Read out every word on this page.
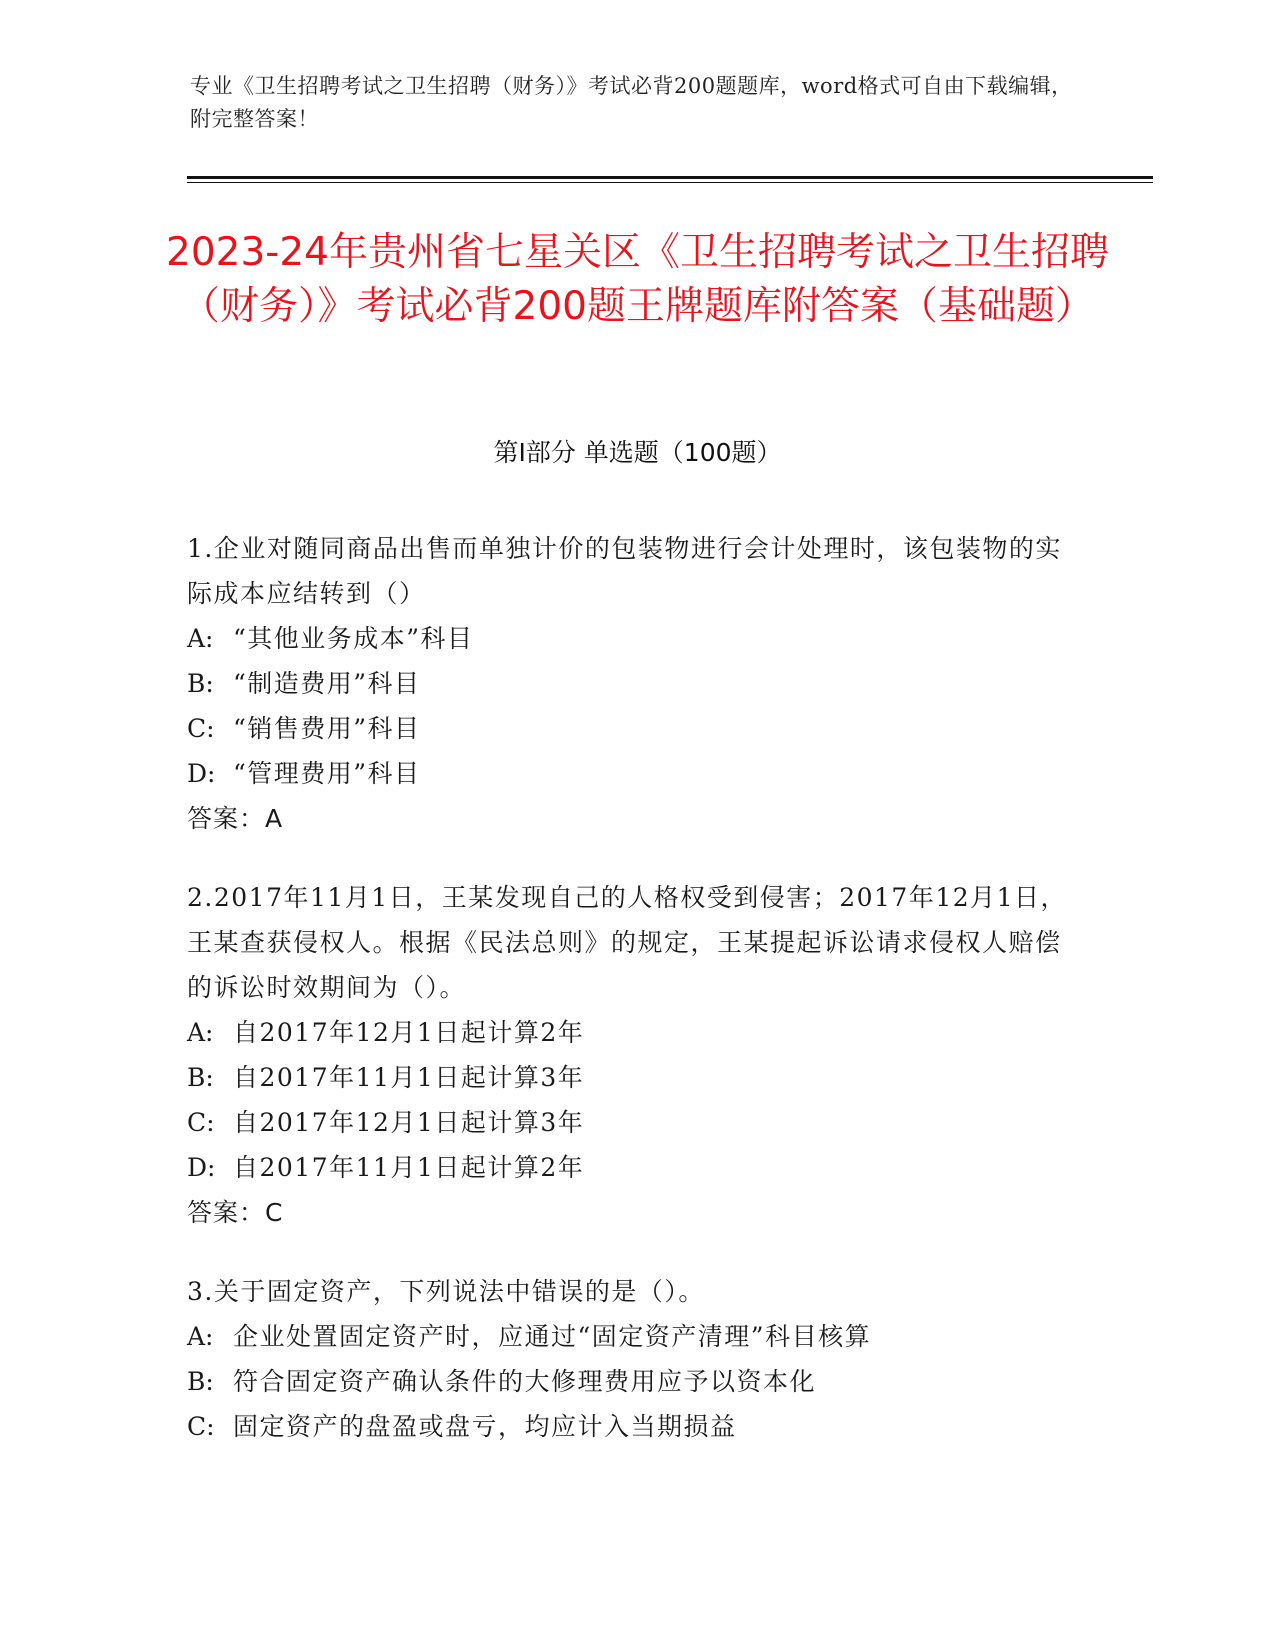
专业《卫生招聘考试之卫生招聘（财务）》考试必背200题题库，word格式可自由下载编辑，附完整答案！
2023-24年贵州省七星关区《卫生招聘考试之卫生招聘（财务）》考试必背200题王牌题库附答案（基础题）
第I部分 单选题（100题）

1.企业对随同商品出售而单独计价的包装物进行会计处理时，该包装物的实际成本应结转到（）

A: “其他业务成本”科目
B: “制造费用”科目
C: “销售费用”科目
D: “管理费用”科目
答案：A

2.2017年11月1日，王某发现自己的人格权受到侵害；2017年12月1日，王某查获侵权人。根据《民法总则》的规定，王某提起诉讼请求侵权人赔偿的诉讼时效期间为（）。

A: 自2017年12月1日起计算2年
B: 自2017年11月1日起计算3年
C: 自2017年12月1日起计算3年
D: 自2017年11月1日起计算2年
答案：C

3.关于固定资产，下列说法中错误的是（）。

A: 企业处置固定资产时，应通过“固定资产清理”科目核算
B: 符合固定资产确认条件的大修理费用应予以资本化
C: 固定资产的盘盈或盘亏，均应计入当期损益
